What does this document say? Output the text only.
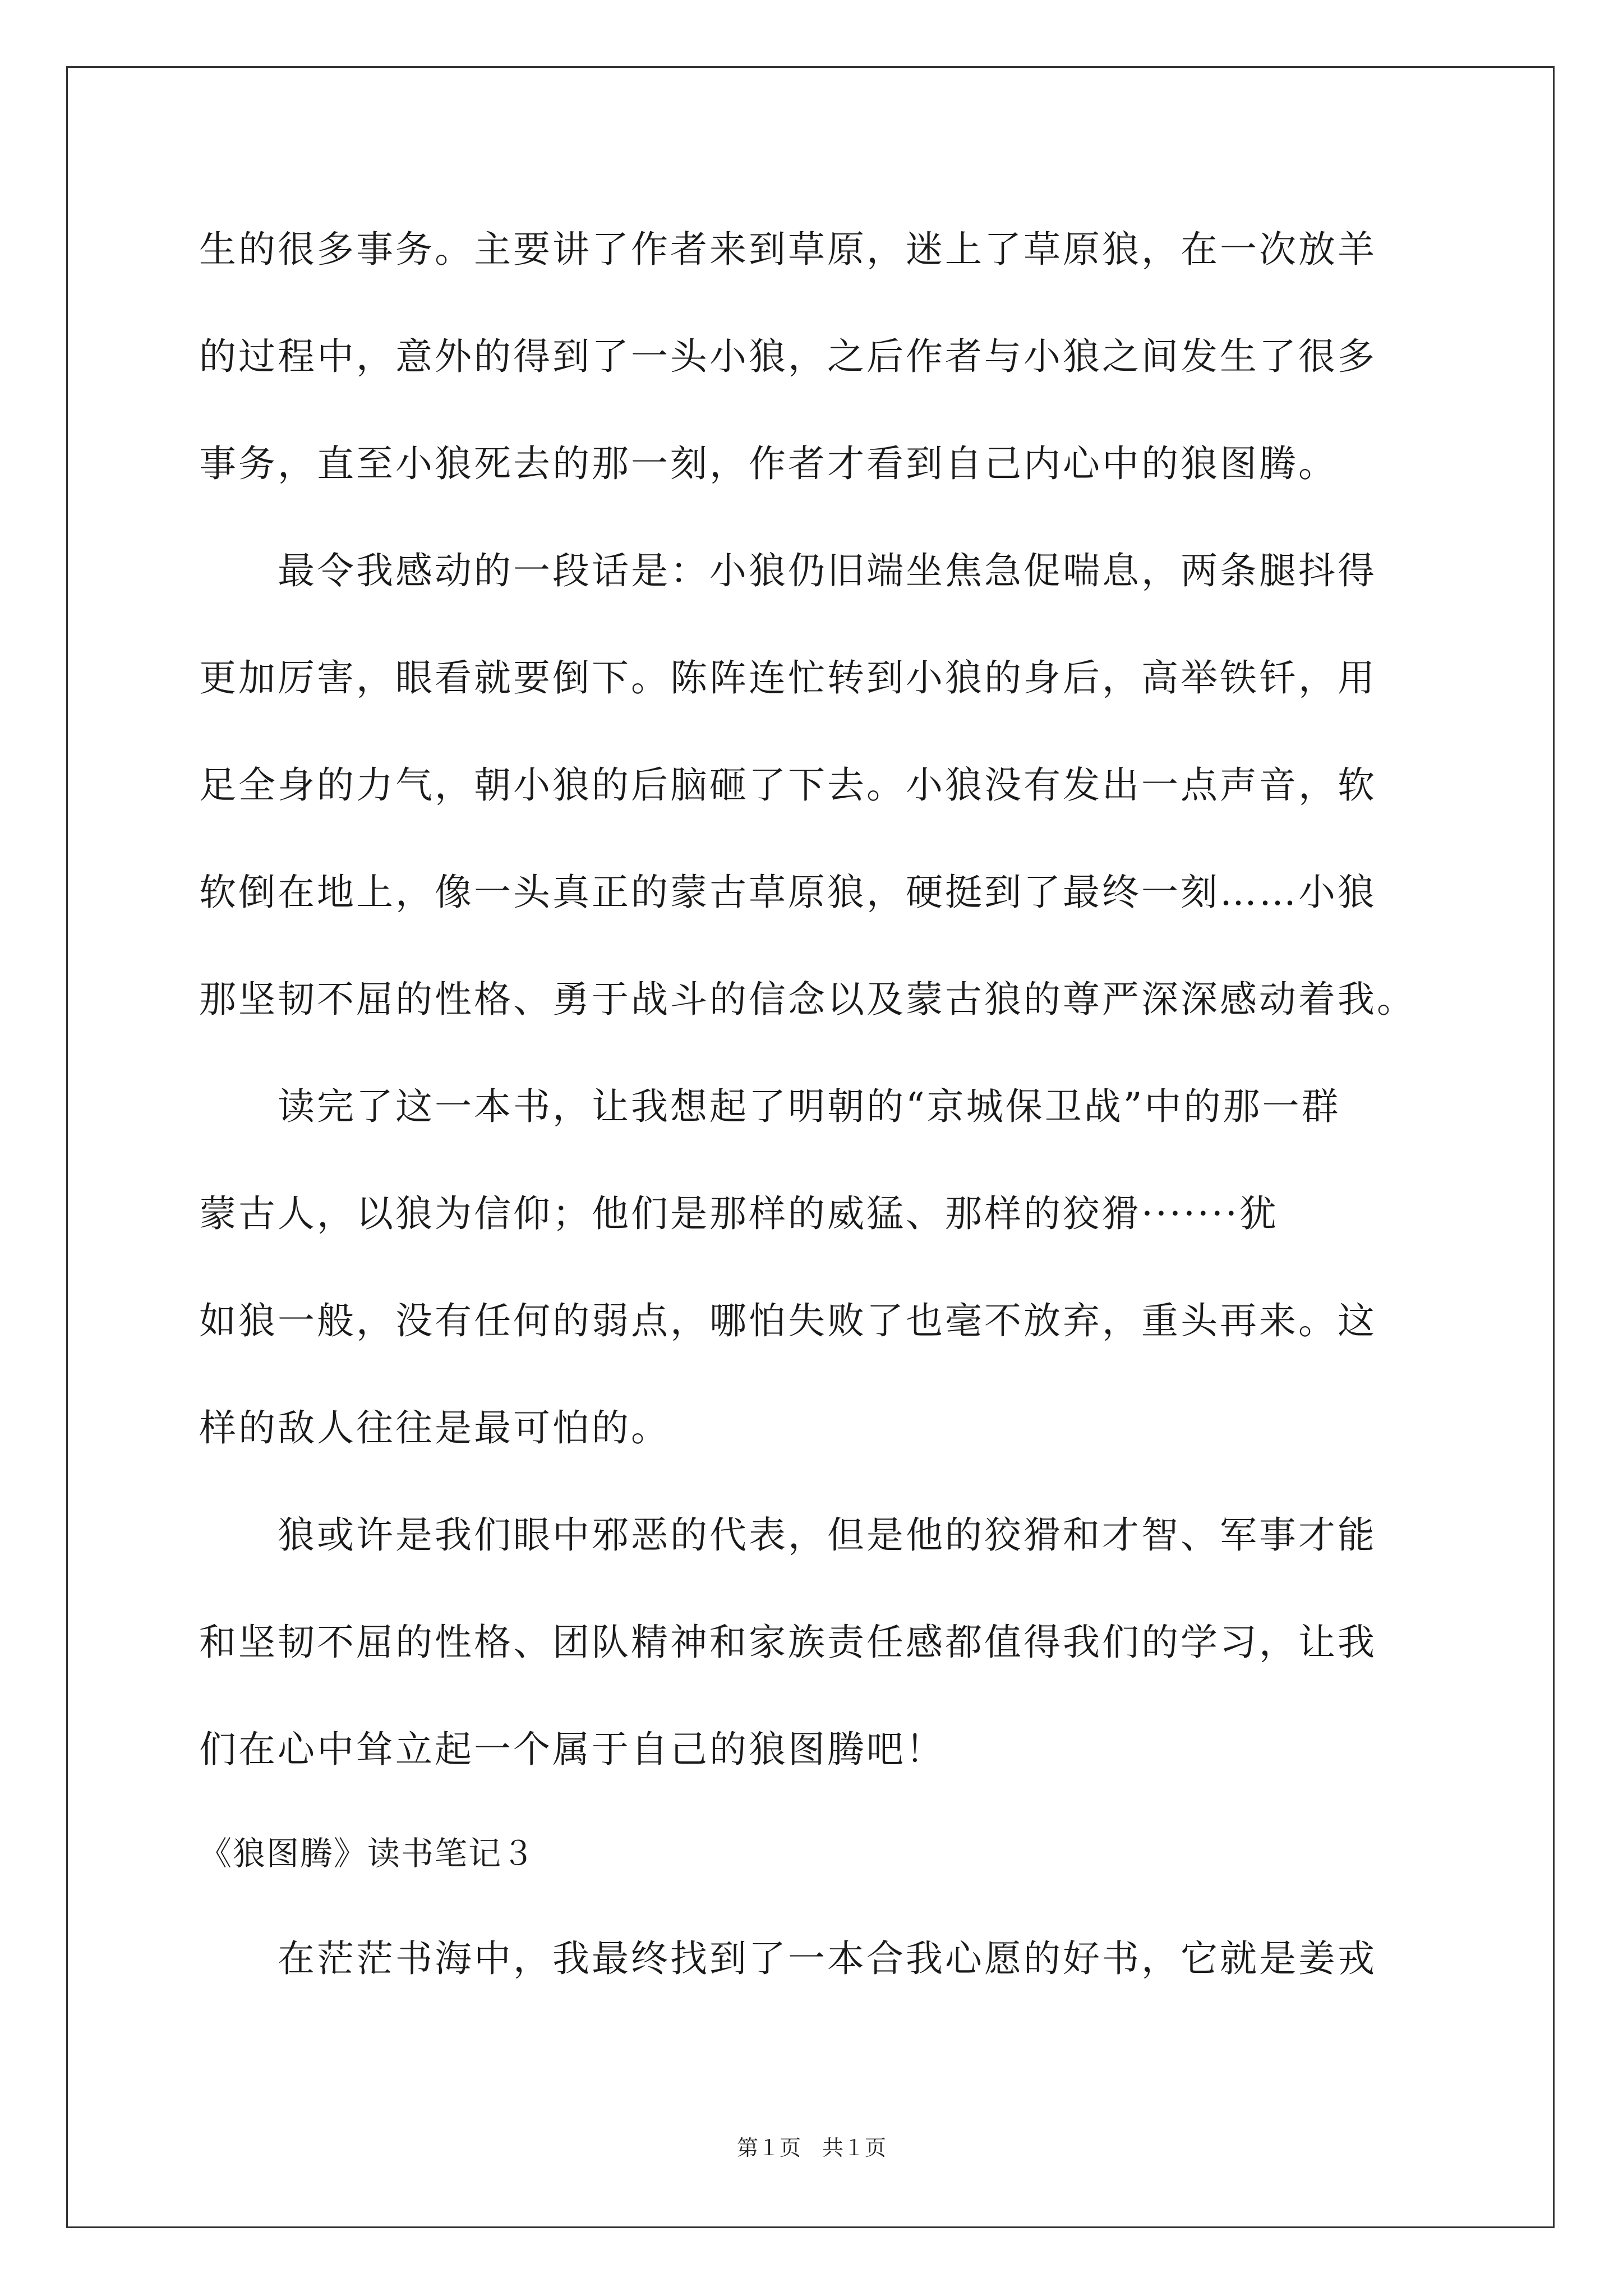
生的很多事务。主要讲了作者来到草原，迷上了草原狼，在一次放羊
的过程中，意外的得到了一头小狼，之后作者与小狼之间发生了很多
事务，直至小狼死去的那一刻，作者才看到自己内心中的狼图腾。
　　最令我感动的一段话是：小狼仍旧端坐焦急促喘息，两条腿抖得
更加厉害，眼看就要倒下。陈阵连忙转到小狼的身后，高举铁钎，用
足全身的力气，朝小狼的后脑砸了下去。小狼没有发出一点声音，软
软倒在地上，像一头真正的蒙古草原狼，硬挺到了最终一刻……小狼
那坚韧不屈的性格、勇于战斗的信念以及蒙古狼的尊严深深感动着我。
　　读完了这一本书，让我想起了明朝的“京城保卫战”中的那一群
蒙古人，以狼为信仰；他们是那样的威猛、那样的狡猾·······犹
如狼一般，没有任何的弱点，哪怕失败了也毫不放弃，重头再来。这
样的敌人往往是最可怕的。
　　狼或许是我们眼中邪恶的代表，但是他的狡猾和才智、军事才能
和坚韧不屈的性格、团队精神和家族责任感都值得我们的学习，让我
们在心中耸立起一个属于自己的狼图腾吧！
《狼图腾》读书笔记３
　　在茫茫书海中，我最终找到了一本合我心愿的好书，它就是姜戎
第１页　共１页
